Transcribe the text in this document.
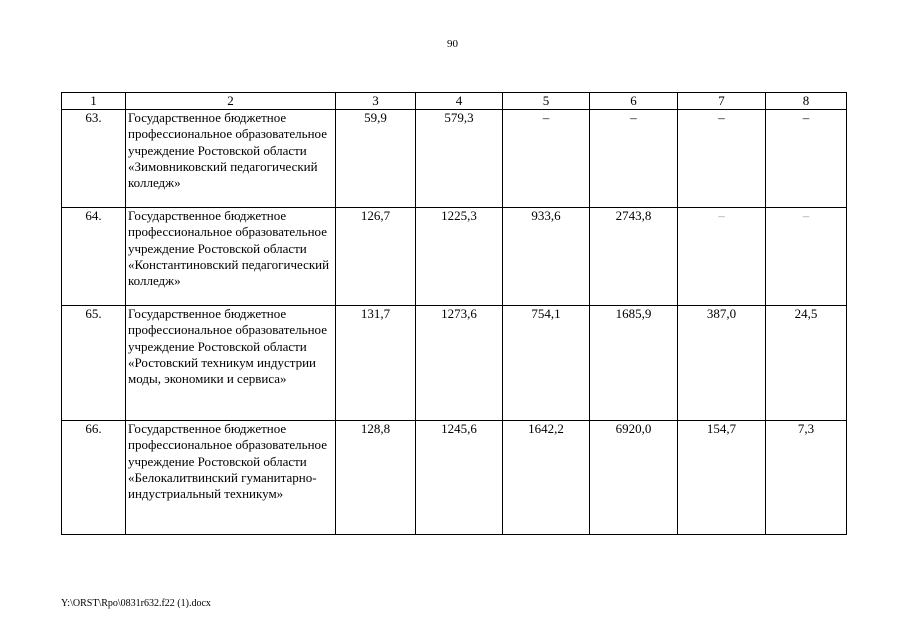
90
1	2	3	4	5	6	7	8
63.	Государственное бюджетное профессиональное образовательное учреждение Ростовской области «Зимовниковский педагогический колледж»	59,9	579,3	–	–	–	–
64.	Государственное бюджетное профессиональное образовательное учреждение Ростовской области «Константиновский педагогический колледж»	126,7	1225,3	933,6	2743,8	–	–
65.	Государственное бюджетное профессиональное образовательное учреждение Ростовской области «Ростовский техникум индустрии моды, экономики и сервиса»	131,7	1273,6	754,1	1685,9	387,0	24,5
66.	Государственное бюджетное профессиональное образовательное учреждение Ростовской области «Белокалитвинский гуманитарно-индустриальный техникум»	128,8	1245,6	1642,2	6920,0	154,7	7,3
Y:\ORST\Rpo\0831r632.f22 (1).docx
